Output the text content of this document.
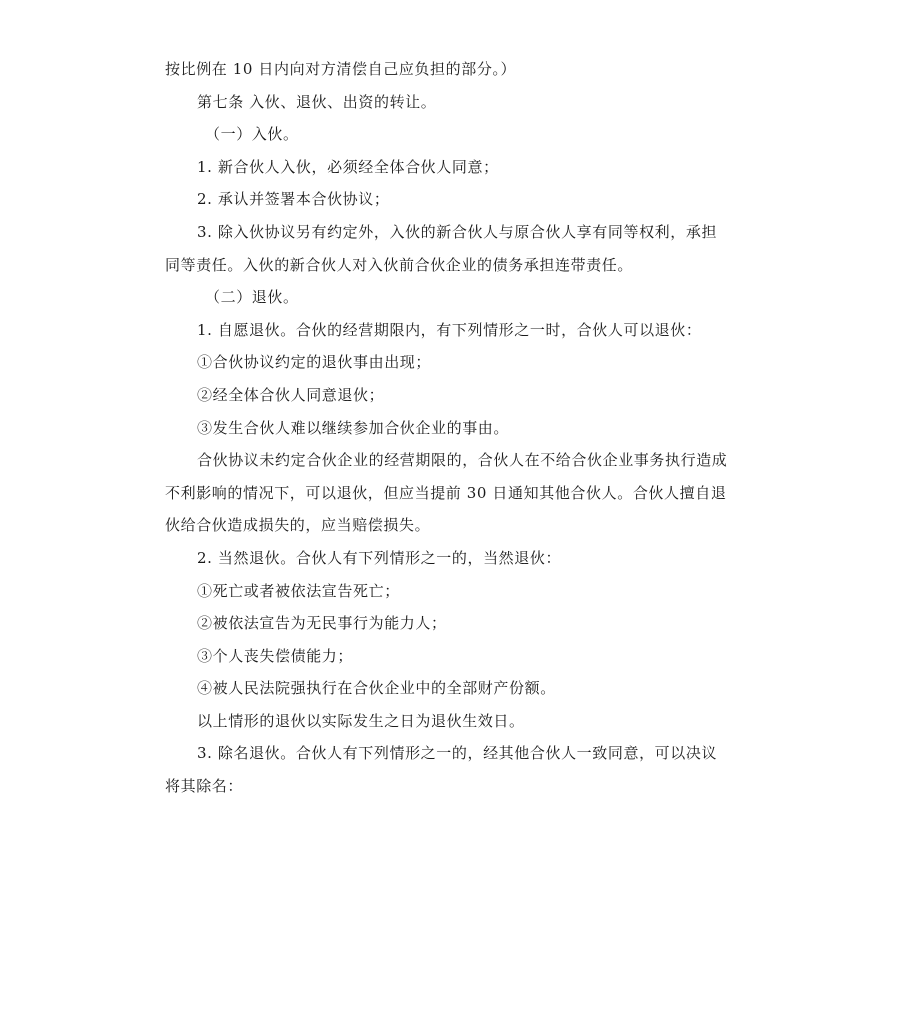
按比例在 10 日内向对方清偿自己应负担的部分。）
第七条 入伙、退伙、出资的转让。
（一）入伙。
1. 新合伙人入伙，必须经全体合伙人同意；
2. 承认并签署本合伙协议；
3. 除入伙协议另有约定外，入伙的新合伙人与原合伙人享有同等权利，承担
同等责任。入伙的新合伙人对入伙前合伙企业的债务承担连带责任。
（二）退伙。
1. 自愿退伙。合伙的经营期限内，有下列情形之一时，合伙人可以退伙：
①合伙协议约定的退伙事由出现；
②经全体合伙人同意退伙；
③发生合伙人难以继续参加合伙企业的事由。
合伙协议未约定合伙企业的经营期限的，合伙人在不给合伙企业事务执行造成
不利影响的情况下，可以退伙，但应当提前 30 日通知其他合伙人。合伙人擅自退
伙给合伙造成损失的，应当赔偿损失。
2. 当然退伙。合伙人有下列情形之一的，当然退伙：
①死亡或者被依法宣告死亡；
②被依法宣告为无民事行为能力人；
③个人丧失偿债能力；
④被人民法院强执行在合伙企业中的全部财产份额。
以上情形的退伙以实际发生之日为退伙生效日。
3. 除名退伙。合伙人有下列情形之一的，经其他合伙人一致同意，可以决议
将其除名：
